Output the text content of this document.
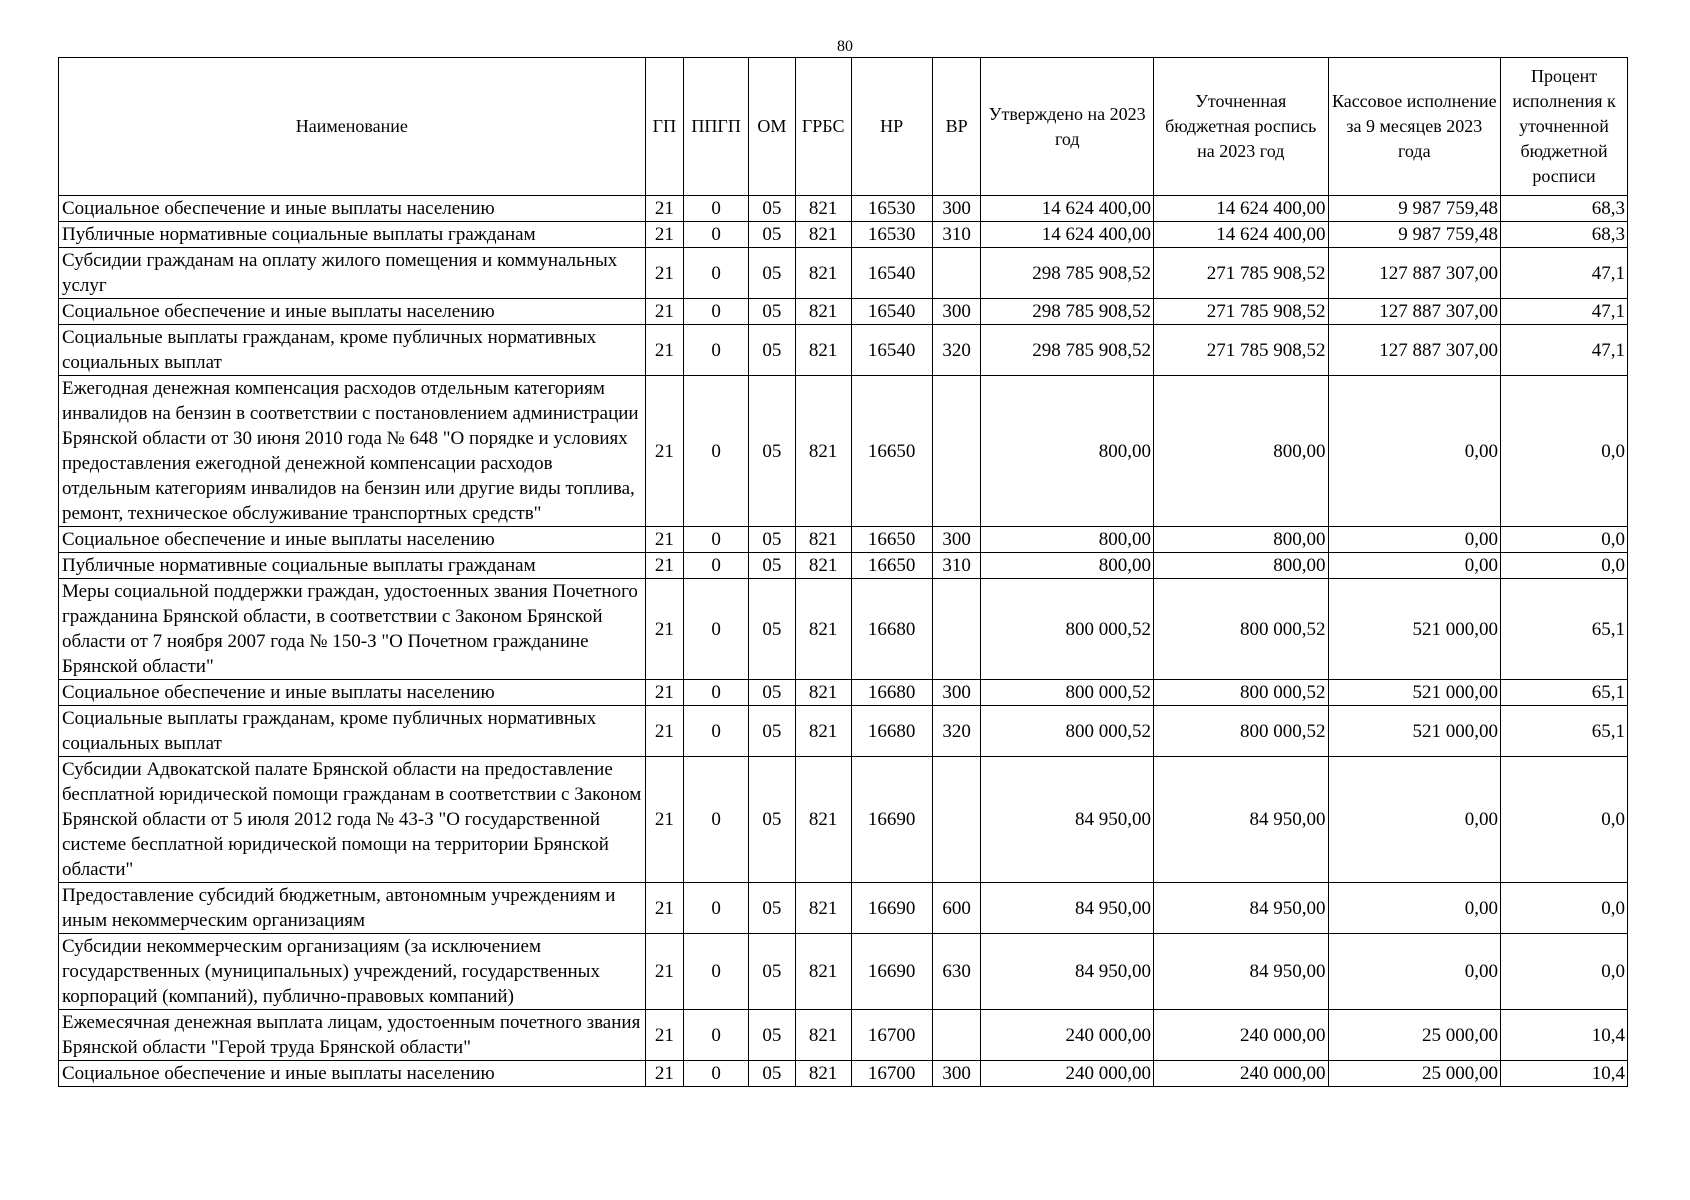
80
Наименование	ГП	ППГП	ОМ	ГРБС	НР	ВР	Утверждено на 2023 год	Уточненная бюджетная роспись на 2023 год	Кассовое исполнение за 9 месяцев 2023 года	Процент исполнения к уточненной бюджетной росписи
Социальное обеспечение и иные выплаты населению	21	0	05	821	16530	300	14 624 400,00	14 624 400,00	9 987 759,48	68,3
Публичные нормативные социальные выплаты гражданам	21	0	05	821	16530	310	14 624 400,00	14 624 400,00	9 987 759,48	68,3
Субсидии гражданам на оплату жилого помещения и коммунальных услуг	21	0	05	821	16540		298 785 908,52	271 785 908,52	127 887 307,00	47,1
Социальное обеспечение и иные выплаты населению	21	0	05	821	16540	300	298 785 908,52	271 785 908,52	127 887 307,00	47,1
Социальные выплаты гражданам, кроме публичных нормативных социальных выплат	21	0	05	821	16540	320	298 785 908,52	271 785 908,52	127 887 307,00	47,1
Ежегодная денежная компенсация расходов отдельным категориям инвалидов на бензин в соответствии с постановлением администрации Брянской области от 30 июня 2010 года № 648 "О порядке и условиях предоставления ежегодной денежной компенсации расходов отдельным категориям инвалидов на бензин или другие виды топлива, ремонт, техническое обслуживание транспортных средств"	21	0	05	821	16650		800,00	800,00	0,00	0,0
Социальное обеспечение и иные выплаты населению	21	0	05	821	16650	300	800,00	800,00	0,00	0,0
Публичные нормативные социальные выплаты гражданам	21	0	05	821	16650	310	800,00	800,00	0,00	0,0
Меры социальной поддержки граждан, удостоенных звания Почетного гражданина Брянской области, в соответствии с Законом Брянской области от 7 ноября 2007 года № 150-З "О Почетном гражданине Брянской области"	21	0	05	821	16680		800 000,52	800 000,52	521 000,00	65,1
Социальное обеспечение и иные выплаты населению	21	0	05	821	16680	300	800 000,52	800 000,52	521 000,00	65,1
Социальные выплаты гражданам, кроме публичных нормативных социальных выплат	21	0	05	821	16680	320	800 000,52	800 000,52	521 000,00	65,1
Субсидии Адвокатской палате Брянской области на предоставление бесплатной юридической помощи гражданам в соответствии с Законом Брянской области от 5 июля 2012 года № 43-З "О государственной системе бесплатной юридической помощи на территории Брянской области"	21	0	05	821	16690		84 950,00	84 950,00	0,00	0,0
Предоставление субсидий бюджетным, автономным учреждениям и иным некоммерческим организациям	21	0	05	821	16690	600	84 950,00	84 950,00	0,00	0,0
Субсидии некоммерческим организациям (за исключением государственных (муниципальных) учреждений, государственных корпораций (компаний), публично-правовых компаний)	21	0	05	821	16690	630	84 950,00	84 950,00	0,00	0,0
Ежемесячная денежная выплата лицам, удостоенным почетного звания Брянской области "Герой труда Брянской области"	21	0	05	821	16700		240 000,00	240 000,00	25 000,00	10,4
Социальное обеспечение и иные выплаты населению	21	0	05	821	16700	300	240 000,00	240 000,00	25 000,00	10,4
